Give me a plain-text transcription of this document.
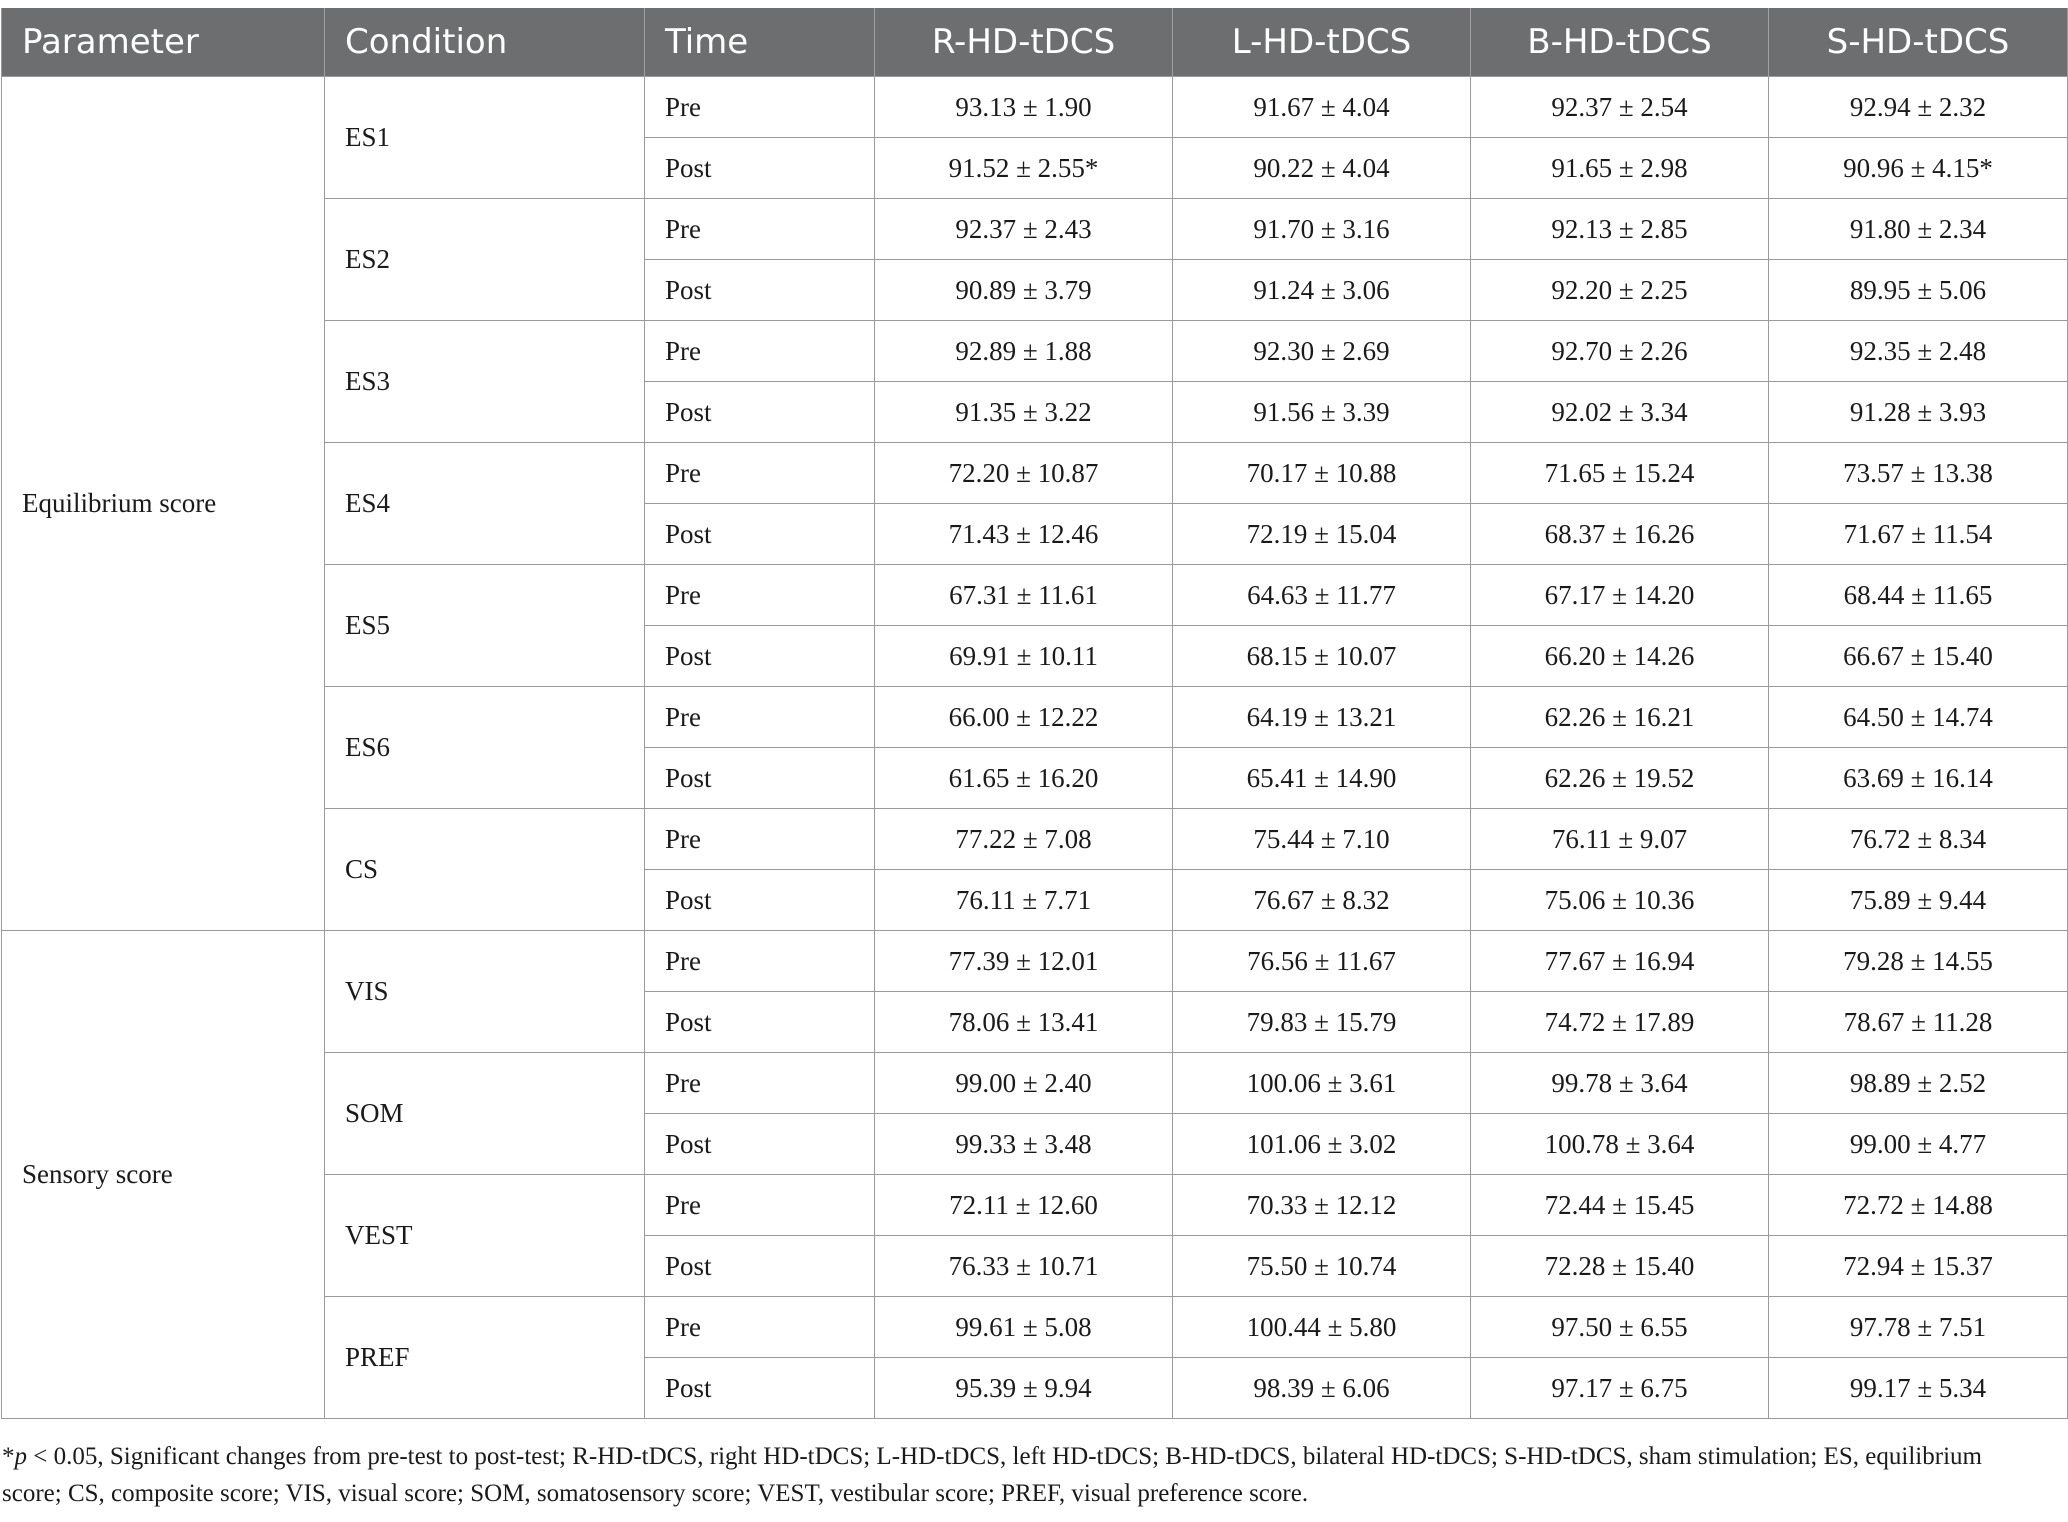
Parameter	Condition	Time	R-HD-tDCS	L-HD-tDCS	B-HD-tDCS	S-HD-tDCS
Equilibrium score	ES1	Pre	93.13 ± 1.90	91.67 ± 4.04	92.37 ± 2.54	92.94 ± 2.32
		Post	91.52 ± 2.55*	90.22 ± 4.04	91.65 ± 2.98	90.96 ± 4.15*
	ES2	Pre	92.37 ± 2.43	91.70 ± 3.16	92.13 ± 2.85	91.80 ± 2.34
		Post	90.89 ± 3.79	91.24 ± 3.06	92.20 ± 2.25	89.95 ± 5.06
	ES3	Pre	92.89 ± 1.88	92.30 ± 2.69	92.70 ± 2.26	92.35 ± 2.48
		Post	91.35 ± 3.22	91.56 ± 3.39	92.02 ± 3.34	91.28 ± 3.93
	ES4	Pre	72.20 ± 10.87	70.17 ± 10.88	71.65 ± 15.24	73.57 ± 13.38
		Post	71.43 ± 12.46	72.19 ± 15.04	68.37 ± 16.26	71.67 ± 11.54
	ES5	Pre	67.31 ± 11.61	64.63 ± 11.77	67.17 ± 14.20	68.44 ± 11.65
		Post	69.91 ± 10.11	68.15 ± 10.07	66.20 ± 14.26	66.67 ± 15.40
	ES6	Pre	66.00 ± 12.22	64.19 ± 13.21	62.26 ± 16.21	64.50 ± 14.74
		Post	61.65 ± 16.20	65.41 ± 14.90	62.26 ± 19.52	63.69 ± 16.14
	CS	Pre	77.22 ± 7.08	75.44 ± 7.10	76.11 ± 9.07	76.72 ± 8.34
		Post	76.11 ± 7.71	76.67 ± 8.32	75.06 ± 10.36	75.89 ± 9.44
Sensory score	VIS	Pre	77.39 ± 12.01	76.56 ± 11.67	77.67 ± 16.94	79.28 ± 14.55
		Post	78.06 ± 13.41	79.83 ± 15.79	74.72 ± 17.89	78.67 ± 11.28
	SOM	Pre	99.00 ± 2.40	100.06 ± 3.61	99.78 ± 3.64	98.89 ± 2.52
		Post	99.33 ± 3.48	101.06 ± 3.02	100.78 ± 3.64	99.00 ± 4.77
	VEST	Pre	72.11 ± 12.60	70.33 ± 12.12	72.44 ± 15.45	72.72 ± 14.88
		Post	76.33 ± 10.71	75.50 ± 10.74	72.28 ± 15.40	72.94 ± 15.37
	PREF	Pre	99.61 ± 5.08	100.44 ± 5.80	97.50 ± 6.55	97.78 ± 7.51
		Post	95.39 ± 9.94	98.39 ± 6.06	97.17 ± 6.75	99.17 ± 5.34
*p < 0.05, Significant changes from pre-test to post-test; R-HD-tDCS, right HD-tDCS; L-HD-tDCS, left HD-tDCS; B-HD-tDCS, bilateral HD-tDCS; S-HD-tDCS, sham stimulation; ES, equilibrium score; CS, composite score; VIS, visual score; SOM, somatosensory score; VEST, vestibular score; PREF, visual preference score.
